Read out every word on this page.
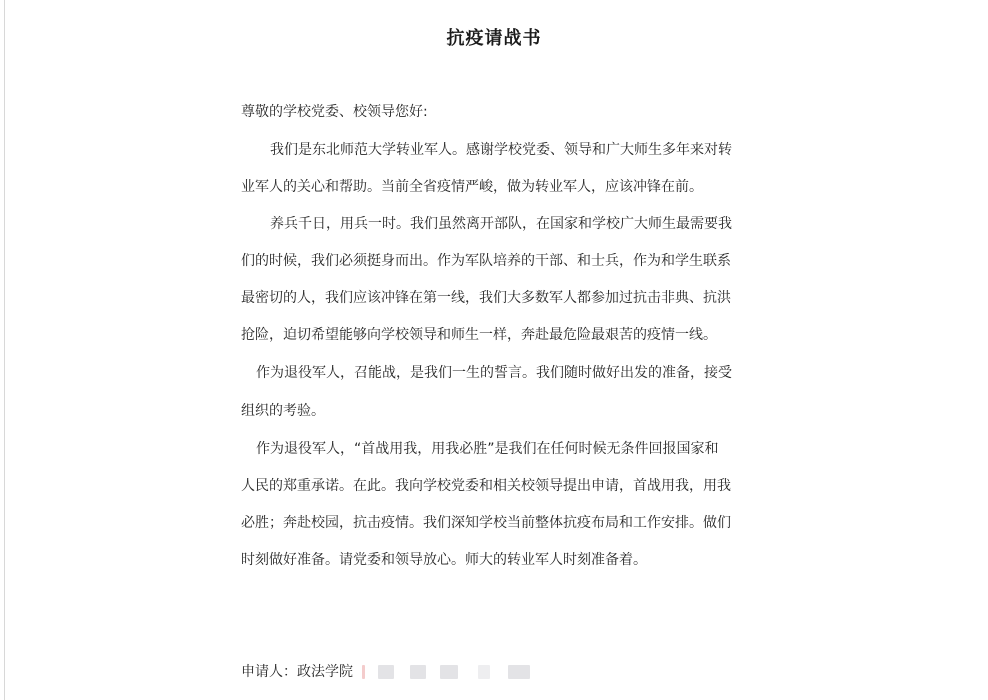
抗疫请战书
尊敬的学校党委、校领导您好:
我们是东北师范大学转业军人。感谢学校党委、领导和广大师生多年来对转
业军人的关心和帮助。当前全省疫情严峻，做为转业军人，应该冲锋在前。
养兵千日，用兵一时。我们虽然离开部队，在国家和学校广大师生最需要我
们的时候，我们必须挺身而出。作为军队培养的干部、和士兵，作为和学生联系
最密切的人，我们应该冲锋在第一线，我们大多数军人都参加过抗击非典、抗洪
抢险，迫切希望能够向学校领导和师生一样，奔赴最危险最艰苦的疫情一线。
作为退役军人，召能战，是我们一生的誓言。我们随时做好出发的准备，接受
组织的考验。
作为退役军人，“首战用我，用我必胜”是我们在任何时候无条件回报国家和
人民的郑重承诺。在此。我向学校党委和相关校领导提出申请，首战用我，用我
必胜；奔赴校园，抗击疫情。我们深知学校当前整体抗疫布局和工作安排。做们
时刻做好准备。请党委和领导放心。师大的转业军人时刻准备着。
申请人：政法学院
